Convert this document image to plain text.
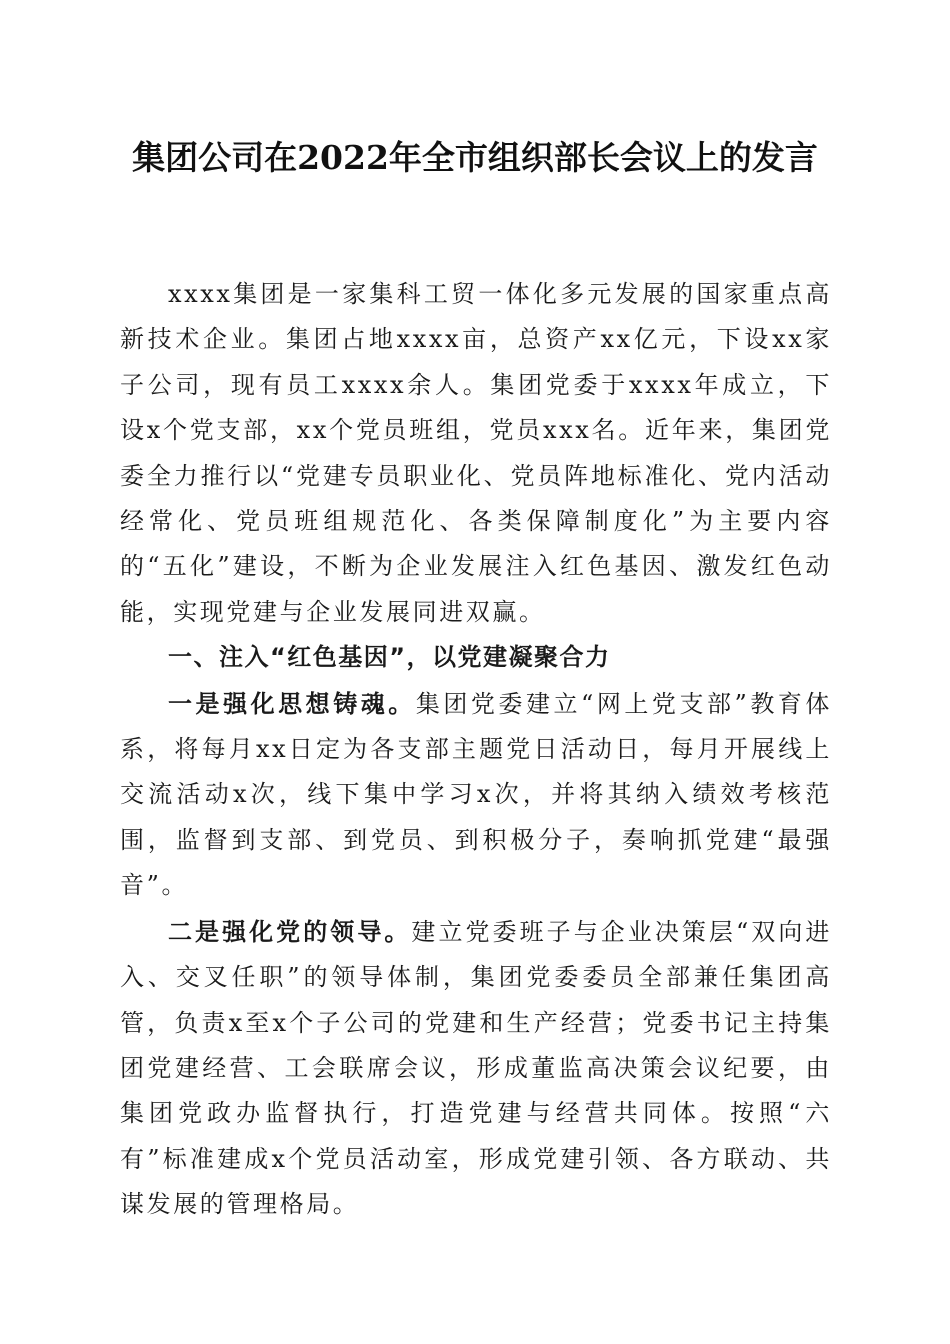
集团公司在2022年全市组织部长会议上的发言

xxxx集团是一家集科工贸一体化多元发展的国家重点高新技术企业。集团占地xxxx亩，总资产xx亿元，下设xx家子公司，现有员工xxxx余人。集团党委于xxxx年成立，下设x个党支部，xx个党员班组，党员xxx名。近年来，集团党委全力推行以“党建专员职业化、党员阵地标准化、党内活动经常化、党员班组规范化、各类保障制度化”为主要内容的“五化”建设，不断为企业发展注入红色基因、激发红色动能，实现党建与企业发展同进双赢。

一、注入“红色基因”，以党建凝聚合力

一是强化思想铸魂。集团党委建立“网上党支部”教育体系，将每月xx日定为各支部主题党日活动日，每月开展线上交流活动x次，线下集中学习x次，并将其纳入绩效考核范围，监督到支部、到党员、到积极分子，奏响抓党建“最强音”。

二是强化党的领导。建立党委班子与企业决策层“双向进入、交叉任职”的领导体制，集团党委委员全部兼任集团高管，负责x至x个子公司的党建和生产经营；党委书记主持集团党建经营、工会联席会议，形成董监高决策会议纪要，由集团党政办监督执行，打造党建与经营共同体。按照“六有”标准建成x个党员活动室，形成党建引领、各方联动、共谋发展的管理格局。
